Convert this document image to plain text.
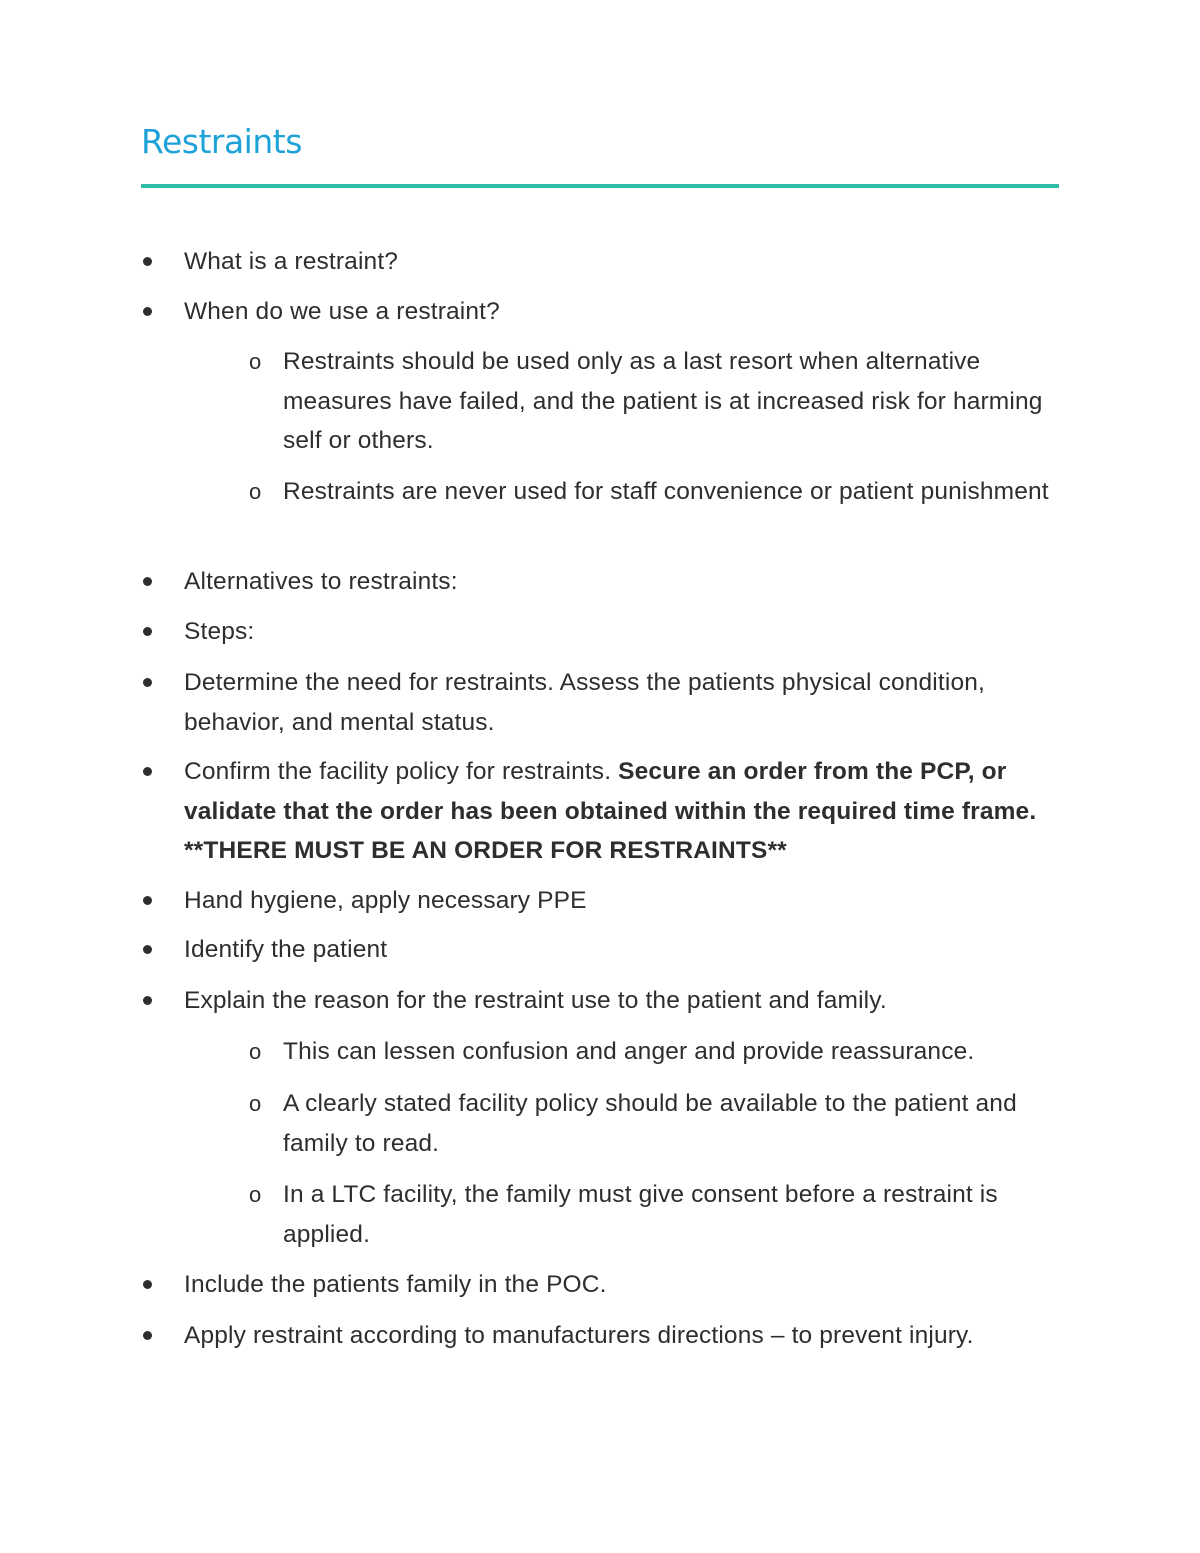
Restraints

What is a restraint?

When do we use a restraint?

o Restraints should be used only as a last resort when alternative measures have failed, and the patient is at increased risk for harming self or others.

o Restraints are never used for staff convenience or patient punishment

Alternatives to restraints:

Steps:

Determine the need for restraints. Assess the patients physical condition, behavior, and mental status.

Confirm the facility policy for restraints. Secure an order from the PCP, or validate that the order has been obtained within the required time frame. **THERE MUST BE AN ORDER FOR RESTRAINTS**

Hand hygiene, apply necessary PPE

Identify the patient

Explain the reason for the restraint use to the patient and family.

o This can lessen confusion and anger and provide reassurance.

o A clearly stated facility policy should be available to the patient and family to read.

o In a LTC facility, the family must give consent before a restraint is applied.

Include the patients family in the POC.

Apply restraint according to manufacturers directions – to prevent injury.
